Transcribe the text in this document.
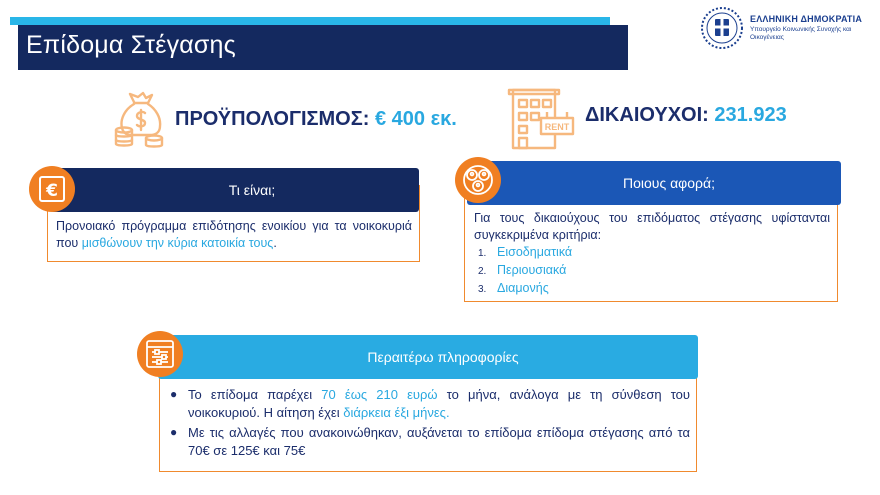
Επίδομα Στέγασης
ΕΛΛΗΝΙΚΗ ΔΗΜΟΚΡΑΤΙΑ
Υπουργείο Κοινωνικής Συνοχής και Οικογένειας
ΠΡΟΫΠΟΛΟΓΙΣΜΟΣ: € 400 εκ.	RENT
ΔΙΚΑΙΟΥΧΟΙ: 231.923
Τι είναι;
€
Προνοιακό πρόγραμμα επιδότησης ενοικίου για τα νοικοκυριά που μισθώνουν την κύρια κατοικία τους.
Ποιους αφορά;
Για τους δικαιούχους του επιδόματος στέγασης υφίστανται συγκεκριμένα κριτήρια:
1. Εισοδηματικά
2. Περιουσιακά
3. Διαμονής
Περαιτέρω πληροφορίες
● Το επίδομα παρέχει 70 έως 210 ευρώ το μήνα, ανάλογα με τη σύνθεση του νοικοκυριού. Η αίτηση έχει διάρκεια έξι μήνες.
● Με τις αλλαγές που ανακοινώθηκαν, αυξάνεται το επίδομα επίδομα στέγασης από τα 70€ σε 125€ και 75€
